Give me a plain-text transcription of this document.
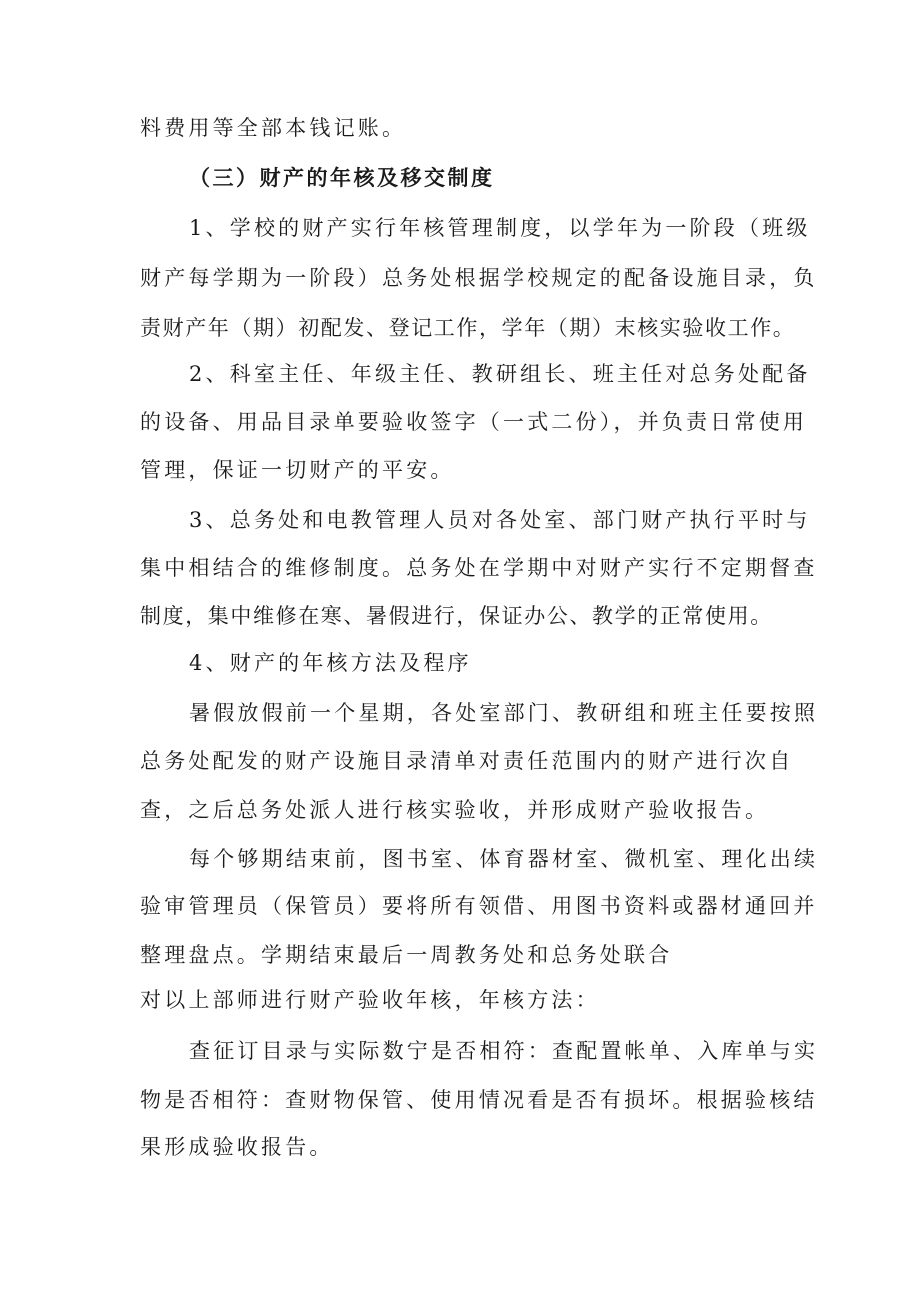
料费用等全部本钱记账。
（三）财产的年核及移交制度
1、学校的财产实行年核管理制度，以学年为一阶段（班级
财产每学期为一阶段）总务处根据学校规定的配备设施目录，负
责财产年（期）初配发、登记工作，学年（期）末核实验收工作。
2、科室主任、年级主任、教研组长、班主任对总务处配备
的设备、用品目录单要验收签字（一式二份），并负责日常使用
管理，保证一切财产的平安。
3、总务处和电教管理人员对各处室、部门财产执行平时与
集中相结合的维修制度。总务处在学期中对财产实行不定期督查
制度，集中维修在寒、暑假进行，保证办公、教学的正常使用。
4、财产的年核方法及程序
暑假放假前一个星期，各处室部门、教研组和班主任要按照
总务处配发的财产设施目录清单对责任范围内的财产进行次自
查，之后总务处派人进行核实验收，并形成财产验收报告。
每个够期结束前，图书室、体育器材室、微机室、理化出续
验审管理员（保管员）要将所有领借、用图书资料或器材通回并
整理盘点。学期结束最后一周教务处和总务处联合
对以上部师进行财产验收年核，年核方法：
查征订目录与实际数宁是否相符：查配置帐单、入库单与实
物是否相符：查财物保管、使用情况看是否有损坏。根据验核结
果形成验收报告。
